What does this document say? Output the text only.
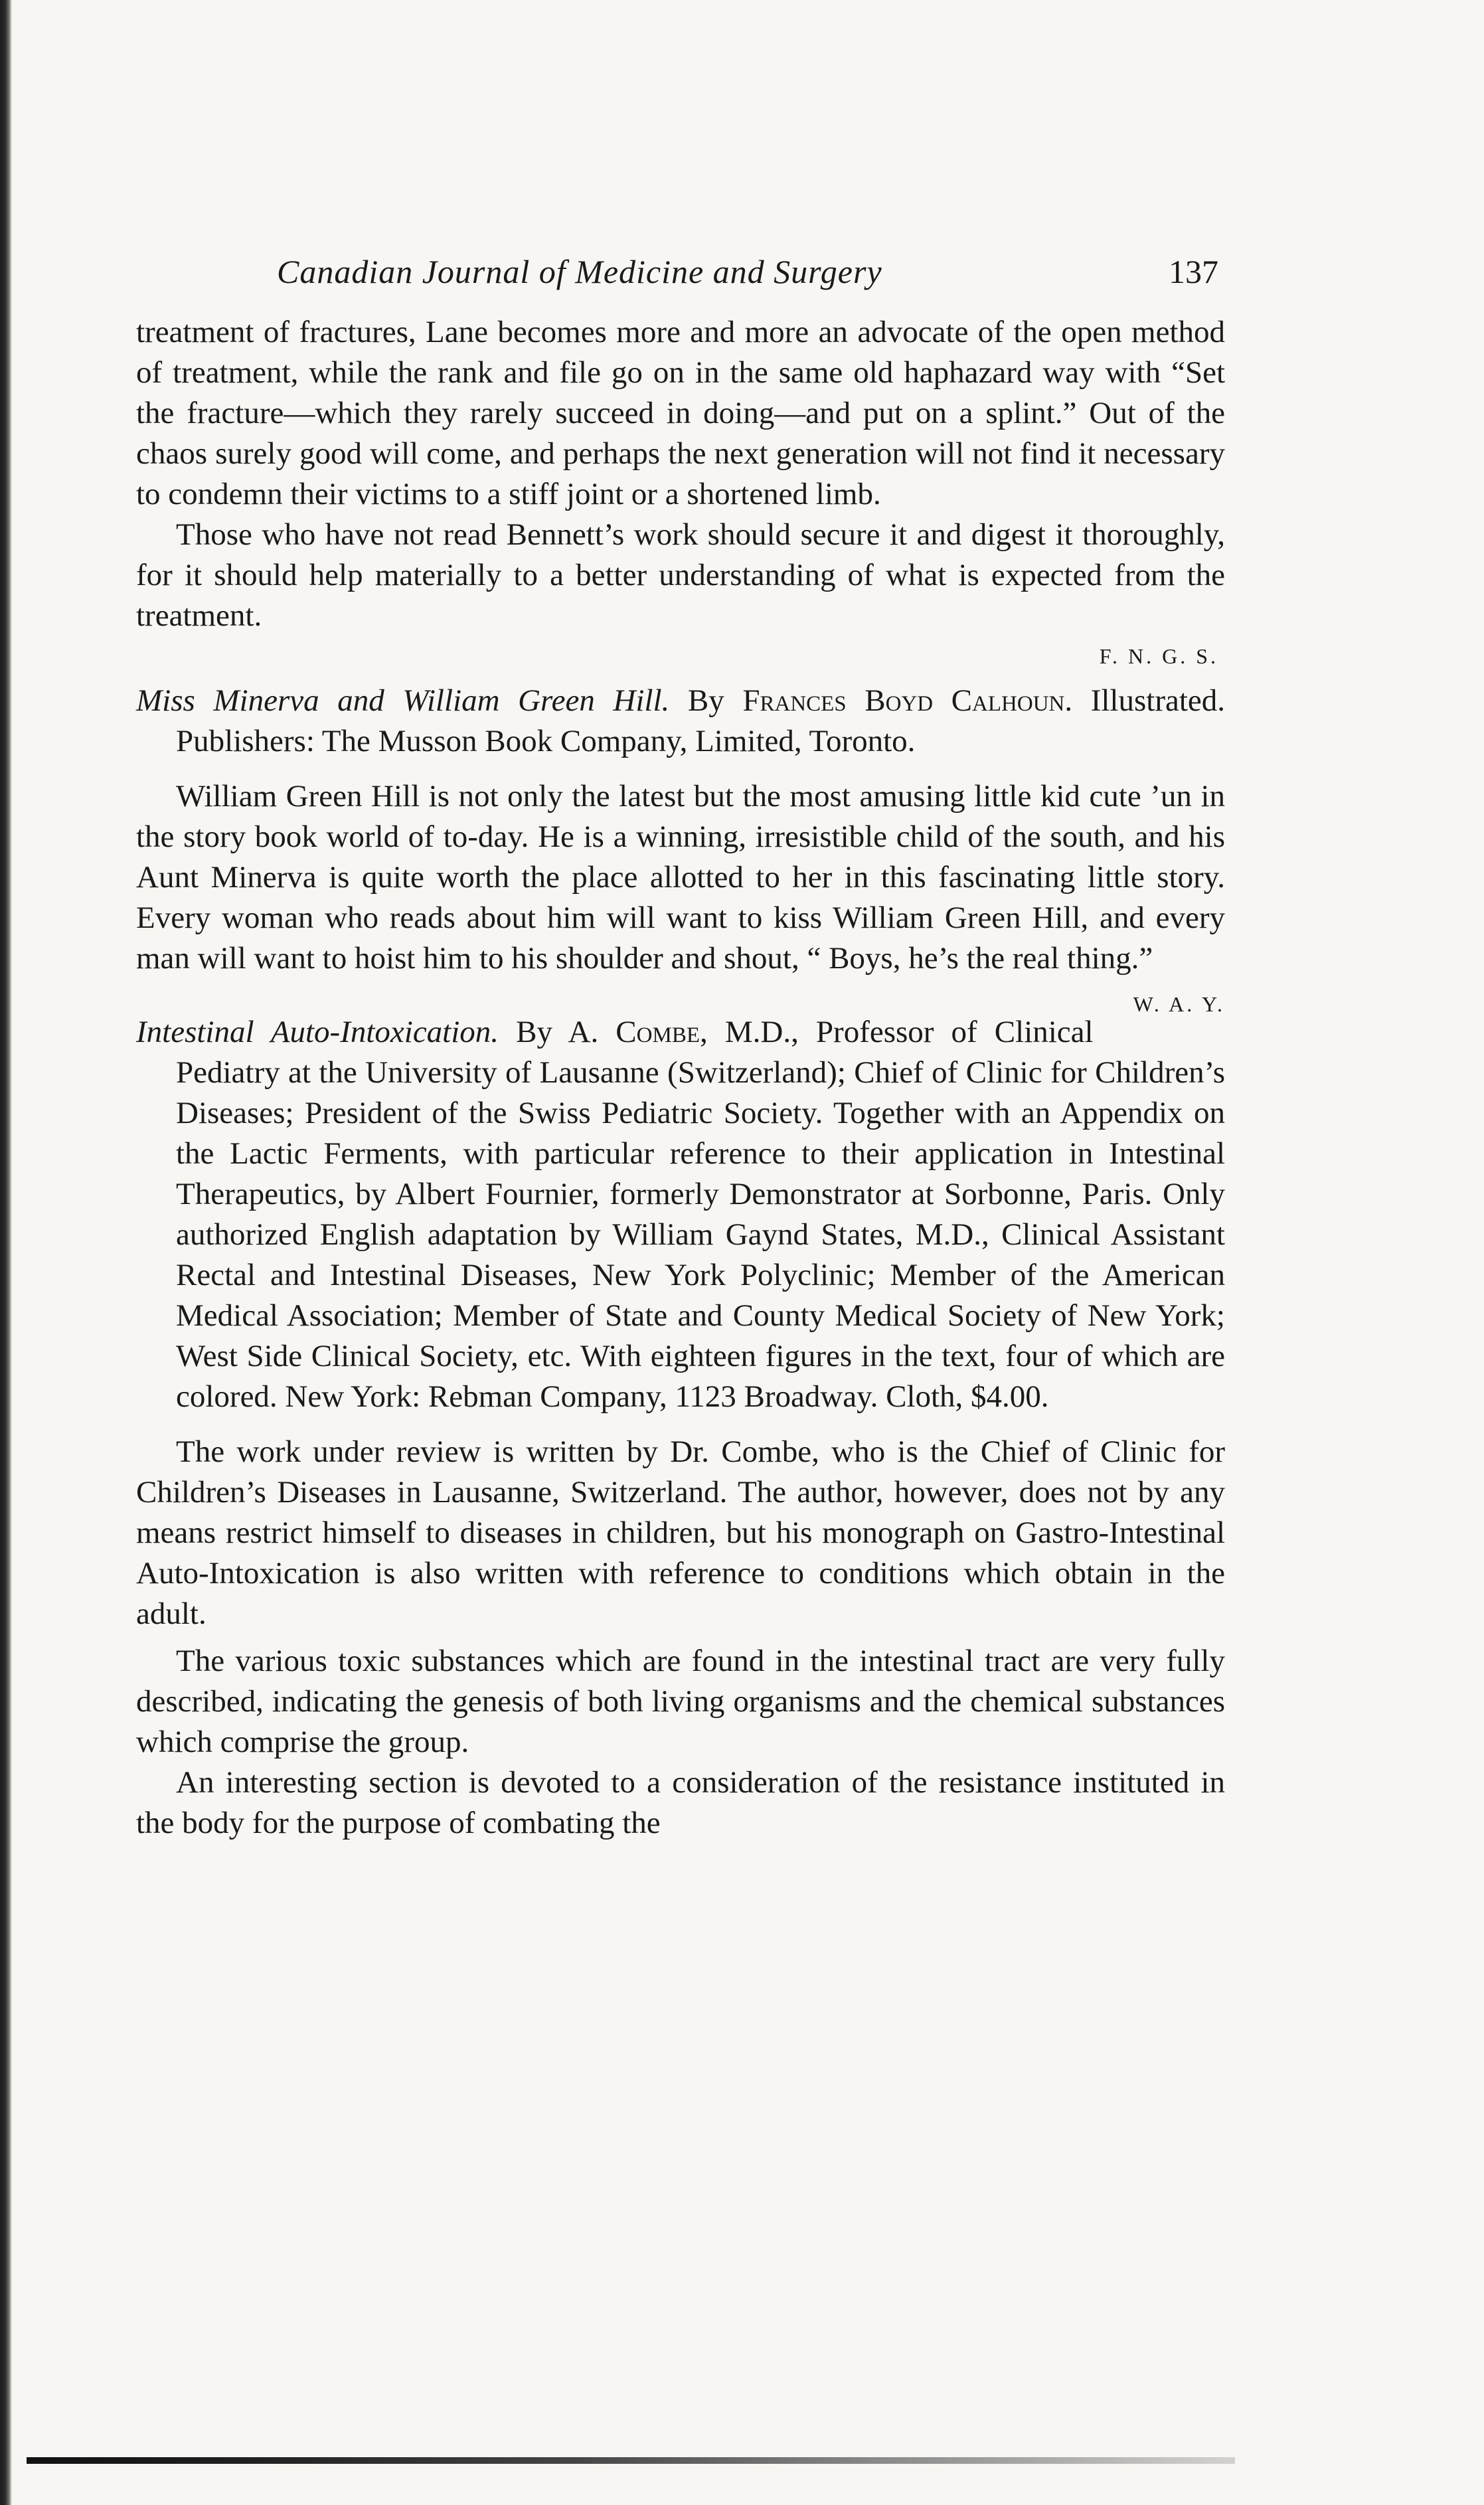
Canadian Journal of Medicine and Surgery	137

treatment of fractures, Lane becomes more and more an advocate of the open method of treatment, while the rank and file go on in the same old haphazard way with “Set the fracture—which they rarely succeed in doing—and put on a splint.” Out of the chaos surely good will come, and perhaps the next generation will not find it necessary to condemn their victims to a stiff joint or a shortened limb.

Those who have not read Bennett’s work should secure it and digest it thoroughly, for it should help materially to a better understanding of what is expected from the treatment.

F. N. G. S.

Miss Minerva and William Green Hill. By Frances Boyd Calhoun. Illustrated. Publishers: The Musson Book Company, Limited, Toronto.

William Green Hill is not only the latest but the most amusing little kid cute ’un in the story book world of to-day. He is a winning, irresistible child of the south, and his Aunt Minerva is quite worth the place allotted to her in this fascinating little story. Every woman who reads about him will want to kiss William Green Hill, and every man will want to hoist him to his shoulder and shout, “ Boys, he’s the real thing.”
W. A. Y.

Intestinal Auto-Intoxication. By A. Combe, M.D., Professor of Clinical Pediatry at the University of Lausanne (Switzerland); Chief of Clinic for Children’s Diseases; President of the Swiss Pediatric Society. Together with an Appendix on the Lactic Ferments, with particular reference to their application in Intestinal Therapeutics, by Albert Fournier, formerly Demonstrator at Sorbonne, Paris. Only authorized English adaptation by William Gaynd States, M.D., Clinical Assistant Rectal and Intestinal Diseases, New York Polyclinic; Member of the American Medical Association; Member of State and County Medical Society of New York; West Side Clinical Society, etc. With eighteen figures in the text, four of which are colored. New York: Rebman Company, 1123 Broadway. Cloth, $4.00.

The work under review is written by Dr. Combe, who is the Chief of Clinic for Children’s Diseases in Lausanne, Switzerland. The author, however, does not by any means restrict himself to diseases in children, but his monograph on Gastro-Intestinal Auto-Intoxication is also written with reference to conditions which obtain in the adult.

The various toxic substances which are found in the intestinal tract are very fully described, indicating the genesis of both living organisms and the chemical substances which comprise the group.

An interesting section is devoted to a consideration of the resistance instituted in the body for the purpose of combating the
